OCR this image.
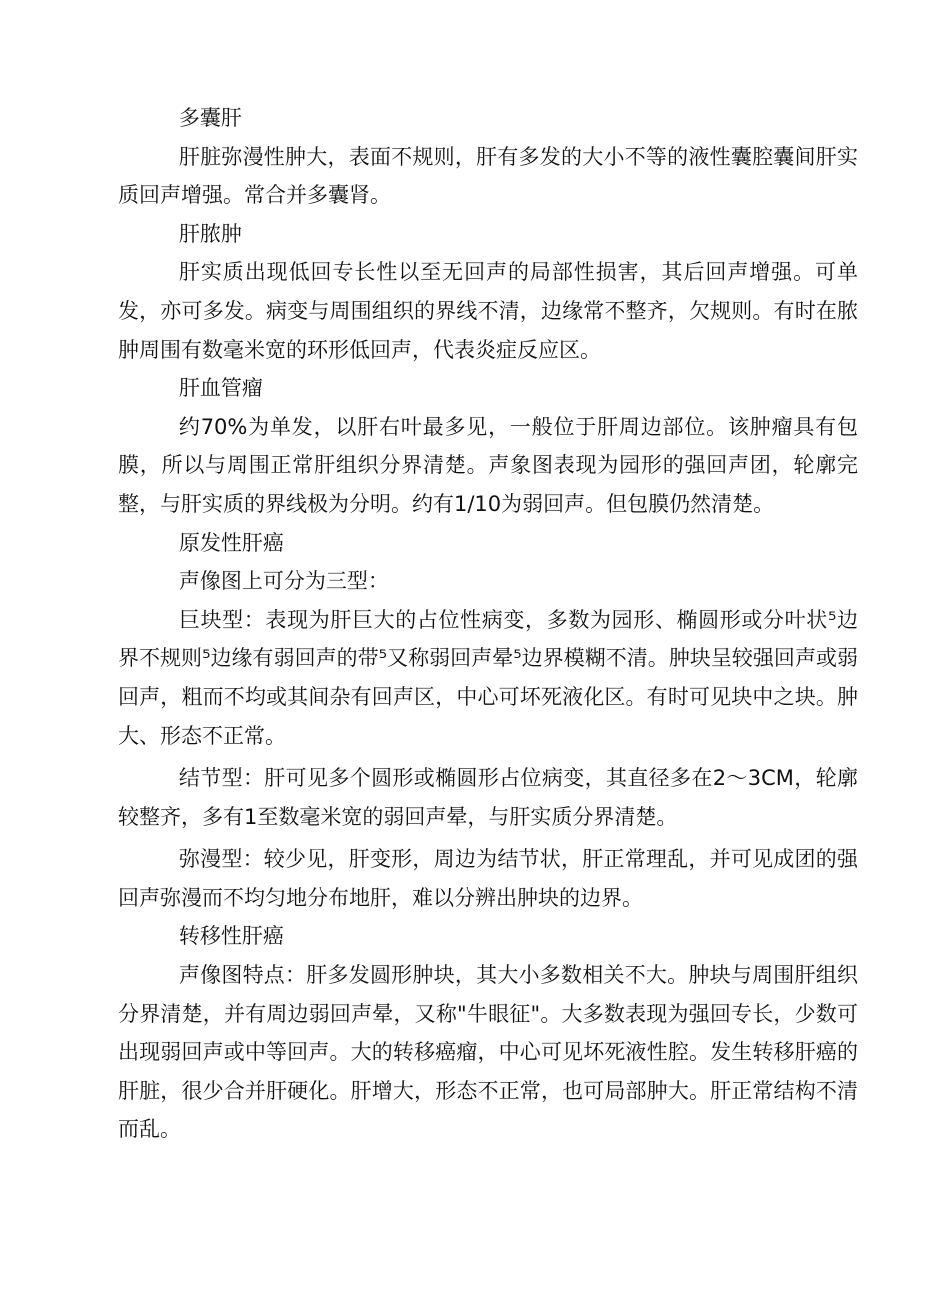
多囊肝

肝脏弥漫性肿大，表面不规则，肝有多发的大小不等的液性囊腔囊间肝实质回声增强。常合并多囊肾。

肝脓肿

肝实质出现低回专长性以至无回声的局部性损害，其后回声增强。可单发，亦可多发。病变与周围组织的界线不清，边缘常不整齐，欠规则。有时在脓肿周围有数毫米宽的环形低回声，代表炎症反应区。

肝血管瘤

约70%为单发，以肝右叶最多见，一般位于肝周边部位。该肿瘤具有包膜，所以与周围正常肝组织分界清楚。声象图表现为园形的强回声团，轮廓完整，与肝实质的界线极为分明。约有1/10为弱回声。但包膜仍然清楚。

原发性肝癌

声像图上可分为三型：

巨块型：表现为肝巨大的占位性病变，多数为园形、椭圆形或分叶状⁵边界不规则⁵边缘有弱回声的带⁵又称弱回声晕⁵边界模糊不清。肿块呈较强回声或弱回声，粗而不均或其间杂有回声区，中心可坏死液化区。有时可见块中之块。肿大、形态不正常。

结节型：肝可见多个圆形或椭圆形占位病变，其直径多在2〜3CM，轮廓较整齐，多有1至数毫米宽的弱回声晕，与肝实质分界清楚。

弥漫型：较少见，肝变形，周边为结节状，肝正常理乱，并可见成团的强回声弥漫而不均匀地分布地肝，难以分辨出肿块的边界。

转移性肝癌

声像图特点：肝多发圆形肿块，其大小多数相关不大。肿块与周围肝组织分界清楚，并有周边弱回声晕，又称"牛眼征"。大多数表现为强回专长，少数可出现弱回声或中等回声。大的转移癌瘤，中心可见坏死液性腔。发生转移肝癌的肝脏，很少合并肝硬化。肝增大，形态不正常，也可局部肿大。肝正常结构不清而乱。
